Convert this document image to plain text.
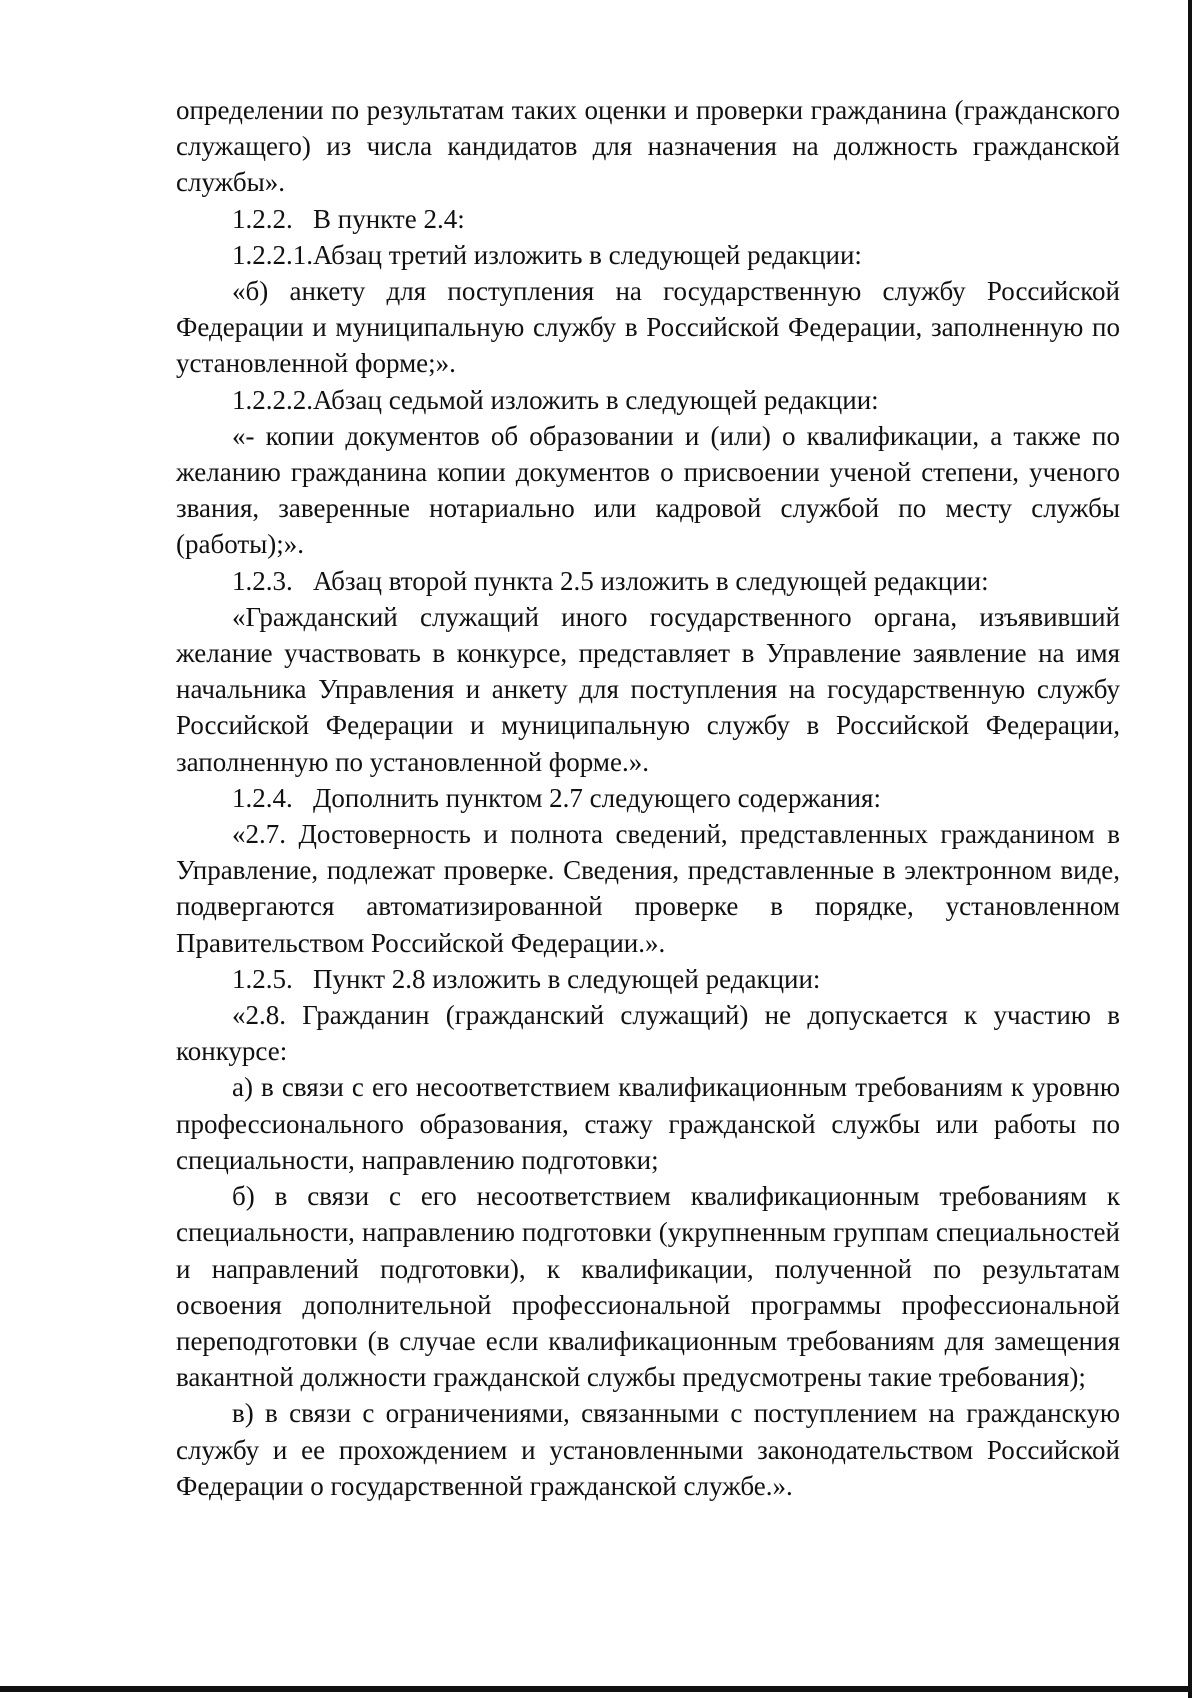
определении по результатам таких оценки и проверки гражданина (гражданского служащего) из числа кандидатов для назначения на должность гражданской службы».

1.2.2.   В пункте 2.4:

1.2.2.1.Абзац третий изложить в следующей редакции:

«б) анкету для поступления на государственную службу Российской Федерации и муниципальную службу в Российской Федерации, заполненную по установленной форме;».

1.2.2.2.Абзац седьмой изложить в следующей редакции:

«- копии документов об образовании и (или) о квалификации, а также по желанию гражданина копии документов о присвоении ученой степени, ученого звания, заверенные нотариально или кадровой службой по месту службы (работы);».

1.2.3.   Абзац второй пункта 2.5 изложить в следующей редакции:

«Гражданский служащий иного государственного органа, изъявивший желание участвовать в конкурсе, представляет в Управление заявление на имя начальника Управления и анкету для поступления на государственную службу Российской Федерации и муниципальную службу в Российской Федерации, заполненную по установленной форме.».

1.2.4.   Дополнить пунктом 2.7 следующего содержания:

«2.7. Достоверность и полнота сведений, представленных гражданином в Управление, подлежат проверке. Сведения, представленные в электронном виде, подвергаются автоматизированной проверке в порядке, установленном Правительством Российской Федерации.».

1.2.5.   Пункт 2.8 изложить в следующей редакции:

«2.8. Гражданин (гражданский служащий) не допускается к участию в конкурсе:

а) в связи с его несоответствием квалификационным требованиям к уровню профессионального образования, стажу гражданской службы или работы по специальности, направлению подготовки;

б) в связи с его несоответствием квалификационным требованиям к специальности, направлению подготовки (укрупненным группам специальностей и направлений подготовки), к квалификации, полученной по результатам освоения дополнительной профессиональной программы профессиональной переподготовки (в случае если квалификационным требованиям для замещения вакантной должности гражданской службы предусмотрены такие требования);

в) в связи с ограничениями, связанными с поступлением на гражданскую службу и ее прохождением и установленными законодательством Российской Федерации о государственной гражданской службе.».
